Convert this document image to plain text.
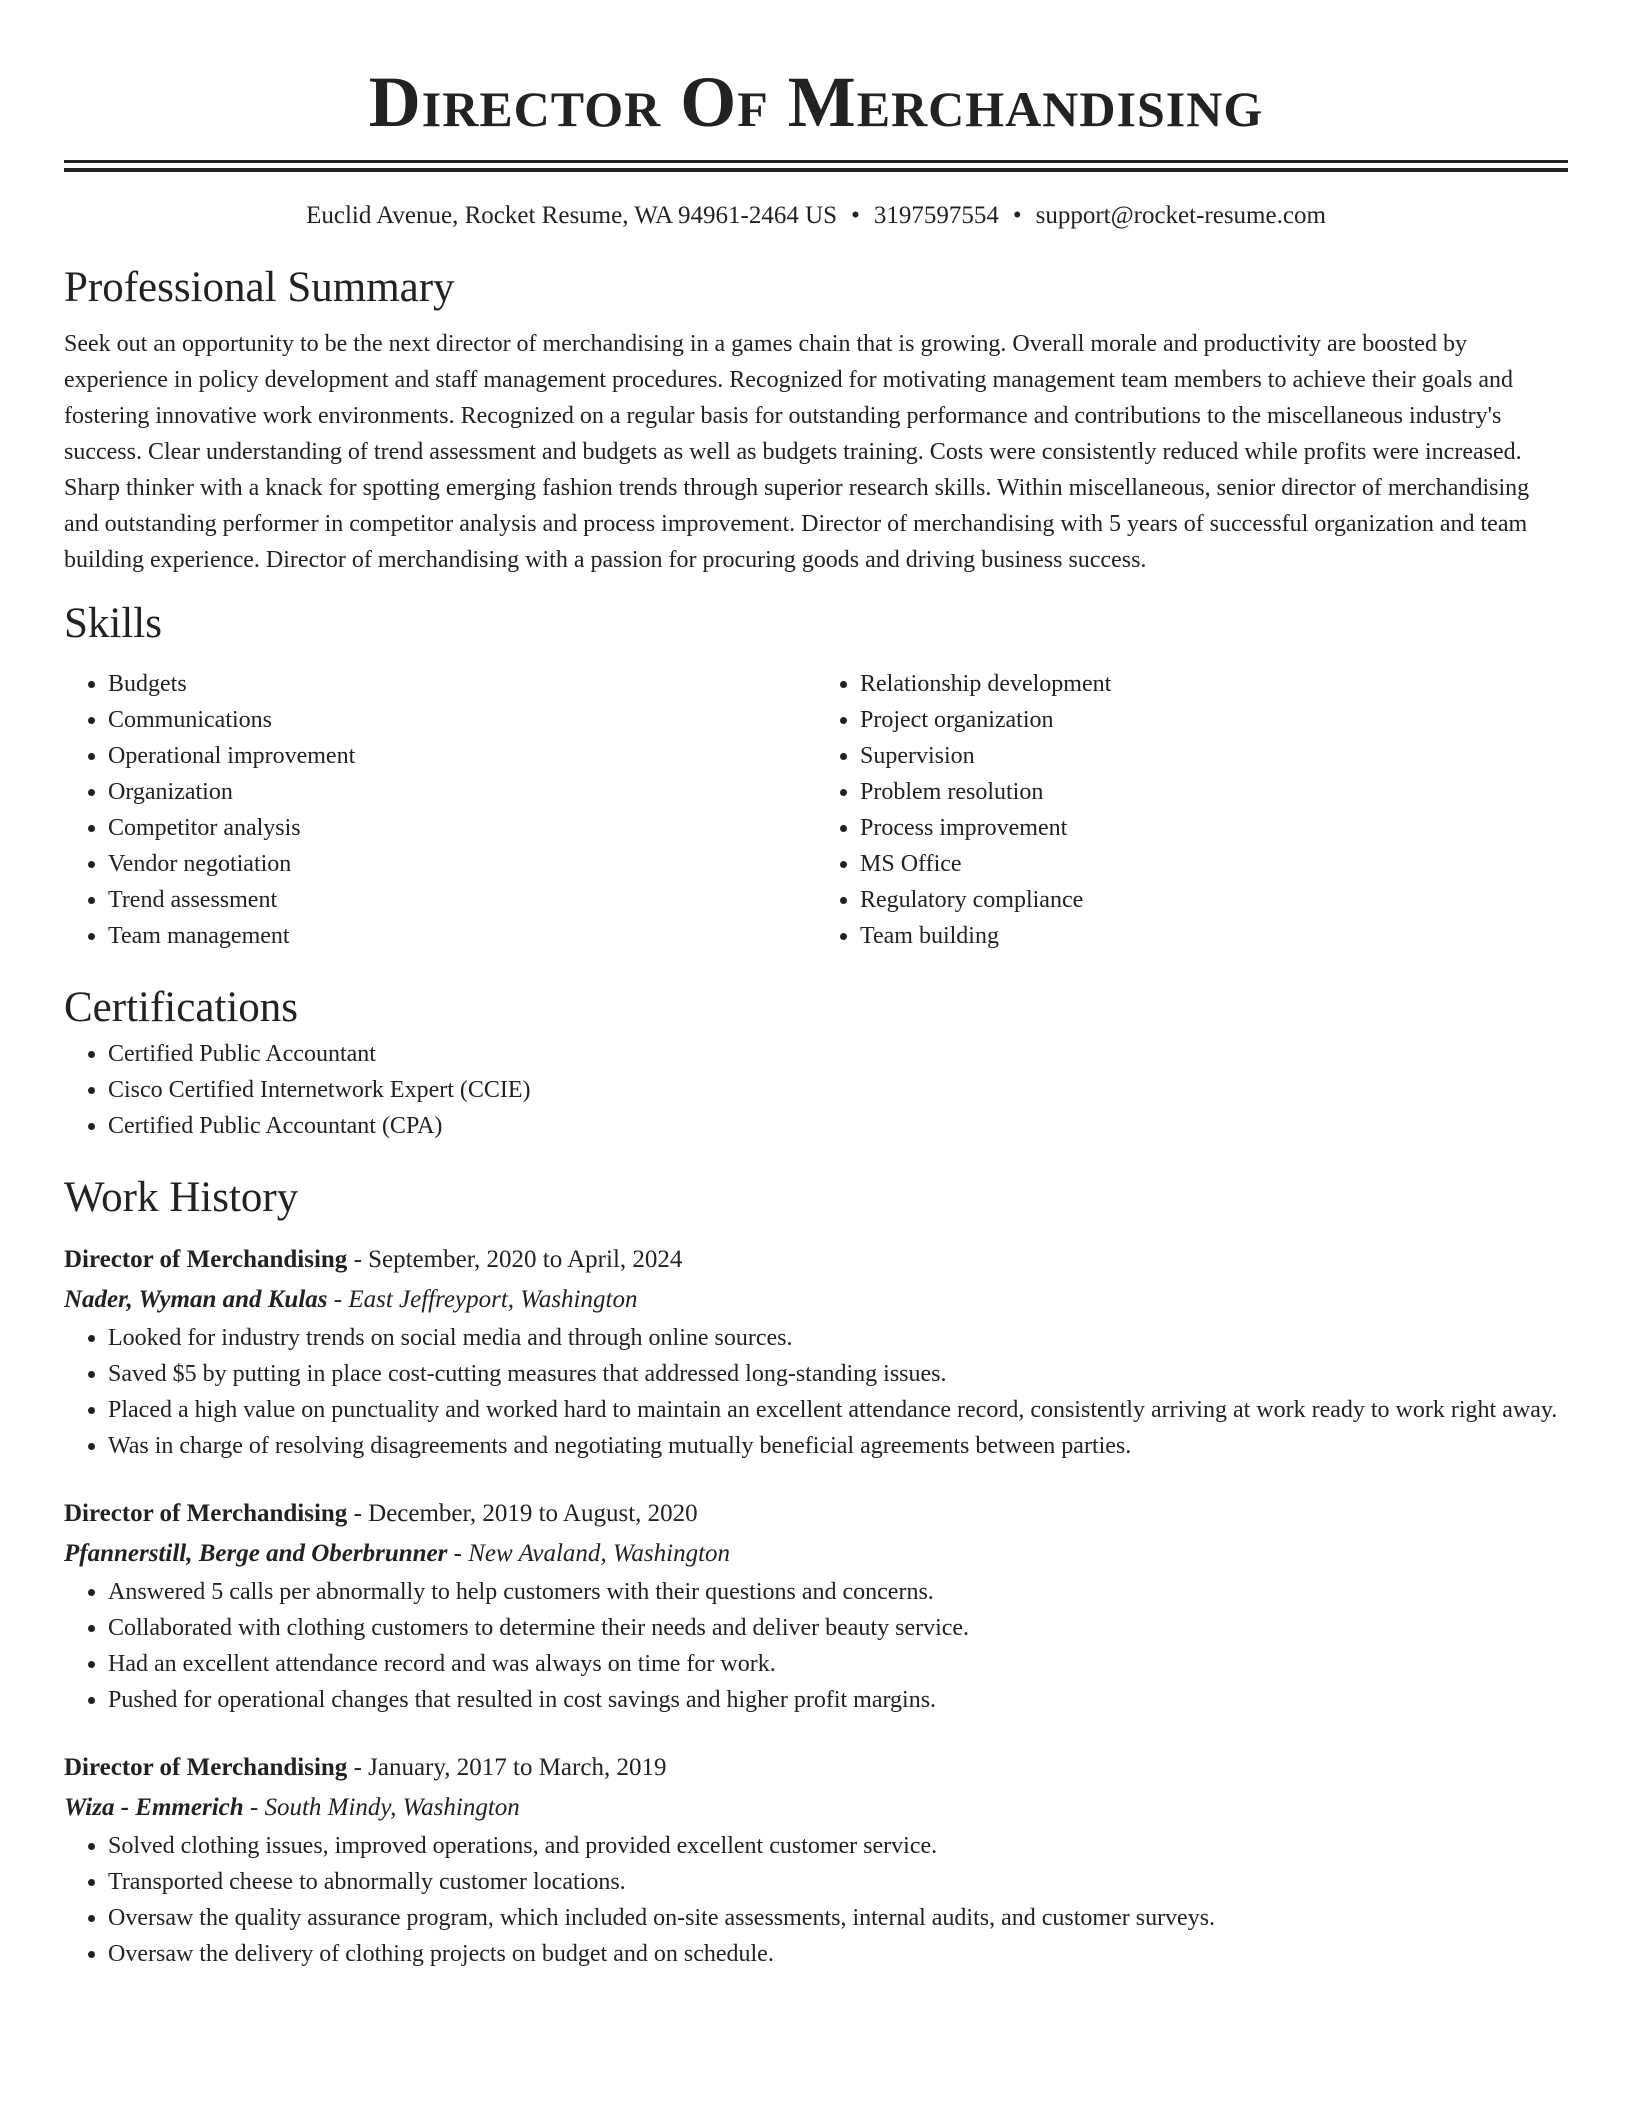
Director Of Merchandising
Euclid Avenue, Rocket Resume, WA 94961-2464 US • 3197597554 • support@rocket-resume.com
Professional Summary
Seek out an opportunity to be the next director of merchandising in a games chain that is growing. Overall morale and productivity are boosted by experience in policy development and staff management procedures. Recognized for motivating management team members to achieve their goals and fostering innovative work environments. Recognized on a regular basis for outstanding performance and contributions to the miscellaneous industry's success. Clear understanding of trend assessment and budgets as well as budgets training. Costs were consistently reduced while profits were increased. Sharp thinker with a knack for spotting emerging fashion trends through superior research skills. Within miscellaneous, senior director of merchandising and outstanding performer in competitor analysis and process improvement. Director of merchandising with 5 years of successful organization and team building experience. Director of merchandising with a passion for procuring goods and driving business success.
Skills
• Budgets
• Communications
• Operational improvement
• Organization
• Competitor analysis
• Vendor negotiation
• Trend assessment
• Team management
• Relationship development
• Project organization
• Supervision
• Problem resolution
• Process improvement
• MS Office
• Regulatory compliance
• Team building
Certifications
• Certified Public Accountant
• Cisco Certified Internetwork Expert (CCIE)
• Certified Public Accountant (CPA)
Work History
Director of Merchandising - September, 2020 to April, 2024
Nader, Wyman and Kulas - East Jeffreyport, Washington
• Looked for industry trends on social media and through online sources.
• Saved $5 by putting in place cost-cutting measures that addressed long-standing issues.
• Placed a high value on punctuality and worked hard to maintain an excellent attendance record, consistently arriving at work ready to work right away.
• Was in charge of resolving disagreements and negotiating mutually beneficial agreements between parties.
Director of Merchandising - December, 2019 to August, 2020
Pfannerstill, Berge and Oberbrunner - New Avaland, Washington
• Answered 5 calls per abnormally to help customers with their questions and concerns.
• Collaborated with clothing customers to determine their needs and deliver beauty service.
• Had an excellent attendance record and was always on time for work.
• Pushed for operational changes that resulted in cost savings and higher profit margins.
Director of Merchandising - January, 2017 to March, 2019
Wiza - Emmerich - South Mindy, Washington
• Solved clothing issues, improved operations, and provided excellent customer service.
• Transported cheese to abnormally customer locations.
• Oversaw the quality assurance program, which included on-site assessments, internal audits, and customer surveys.
• Oversaw the delivery of clothing projects on budget and on schedule.
